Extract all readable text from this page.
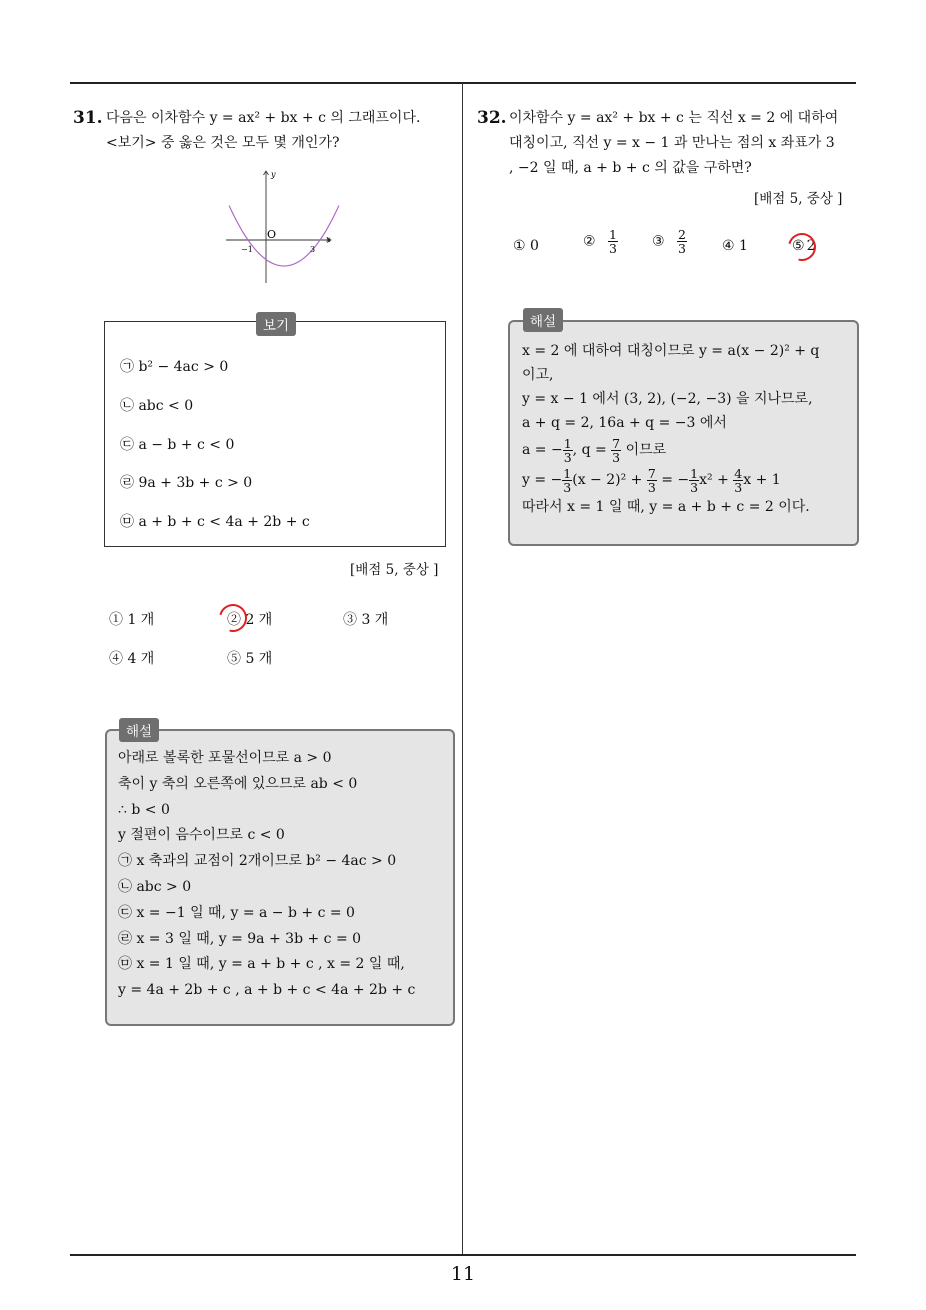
11
31. 다음은 이차함수 y = ax² + bx + c 의 그래프이다.
<보기> 중 옳은 것은 모두 몇 개인가?
y
x
O
−1	3
보기
㉠ b² − 4ac > 0
㉡ abc < 0
㉢ a − b + c < 0
㉣ 9a + 3b + c > 0
㉤ a + b + c < 4a + 2b + c
[배점 5, 중상 ]
① 1 개	② 2 개	③ 3 개
④ 4 개	⑤ 5 개
해설
아래로 볼록한 포물선이므로 a > 0
축이 y 축의 오른쪽에 있으므로 ab < 0
∴ b < 0
y 절편이 음수이므로 c < 0
㉠ x 축과의 교점이 2개이므로 b² − 4ac > 0
㉡ abc > 0
㉢ x = −1 일 때, y = a − b + c = 0
㉣ x = 3 일 때, y = 9a + 3b + c = 0
㉤ x = 1 일 때, y = a + b + c , x = 2 일 때,
y = 4a + 2b + c , a + b + c < 4a + 2b + c
32. 이차함수 y = ax² + bx + c 는 직선 x = 2 에 대하여
대칭이고, 직선 y = x − 1 과 만나는 점의 x 좌표가 3
, −2 일 때, a + b + c 의 값을 구하면?
[배점 5, 중상 ]
① 0	② $\frac{1}{3}$ ③ $\frac{2}{3}$	④ 1	⑤ 2
해설
x = 2 에 대하여 대칭이므로 y = a(x − 2)² + q
이고,
y = x − 1 에서 (3, 2), (−2, −3) 을 지나므로,
a + q = 2, 16a + q = −3 에서
a = − $\frac{1}{3}$ , $q = \frac{7}{3}$ 이므로
y = − $\frac{1}{3} (x - 2)^2 + \frac{7}{3}$ = − $\frac{1}{3} x^2 + \frac{4}{3}$ x + 1
따라서 x = 1 일 때, y = a + b + c = 2 이다.
